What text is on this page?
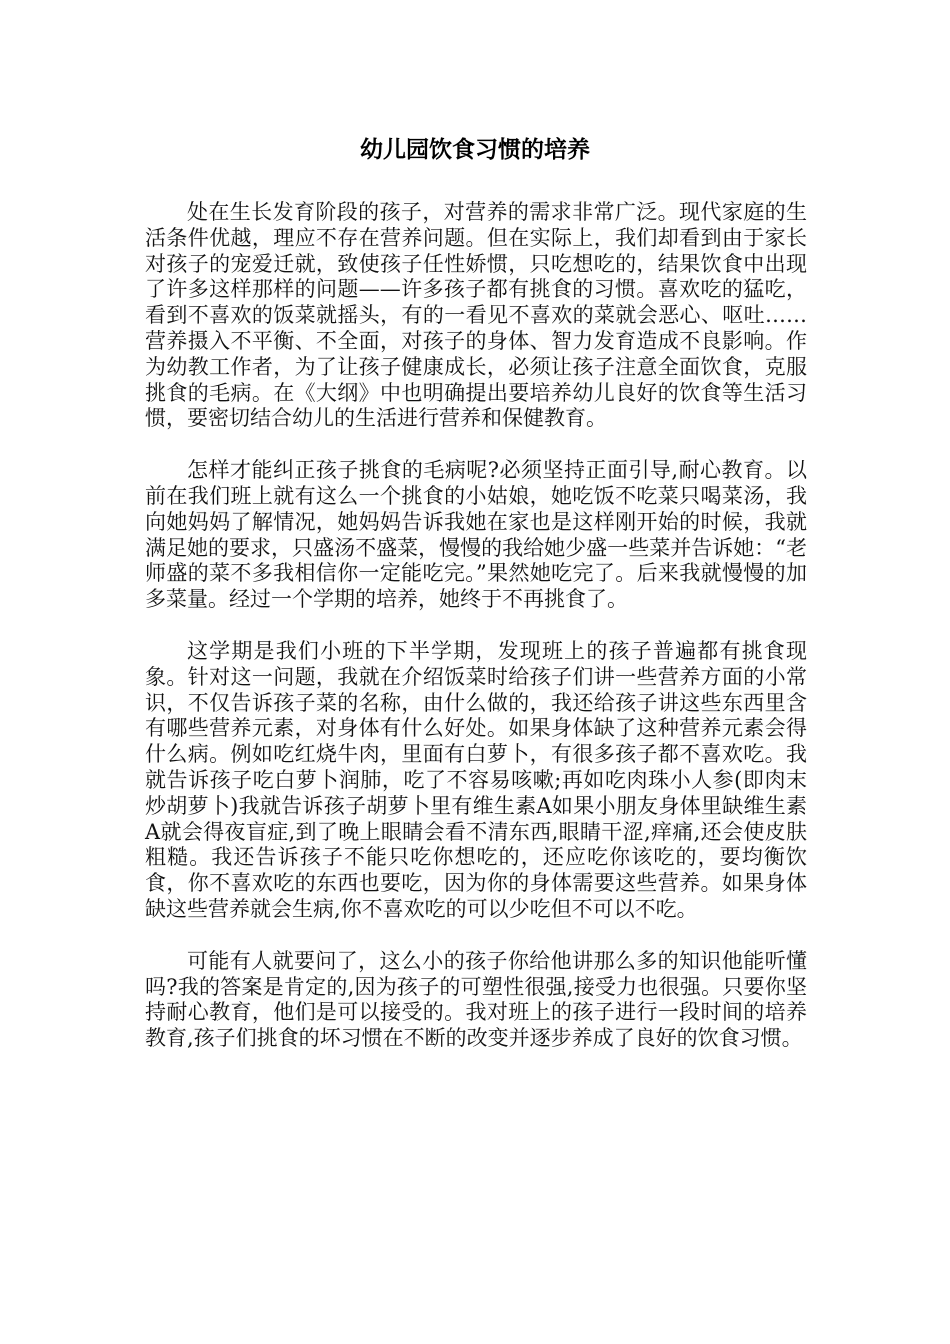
幼儿园饮食习惯的培养

处在生长发育阶段的孩子，对营养的需求非常广泛。现代家庭的生活条件优越，理应不存在营养问题。但在实际上，我们却看到由于家长对孩子的宠爱迁就，致使孩子任性娇惯，只吃想吃的，结果饮食中出现了许多这样那样的问题——许多孩子都有挑食的习惯。喜欢吃的猛吃，看到不喜欢的饭菜就摇头，有的一看见不喜欢的菜就会恶心、呕吐……营养摄入不平衡、不全面，对孩子的身体、智力发育造成不良影响。作为幼教工作者，为了让孩子健康成长，必须让孩子注意全面饮食，克服挑食的毛病。在《大纲》中也明确提出要培养幼儿良好的饮食等生活习惯，要密切结合幼儿的生活进行营养和保健教育。

怎样才能纠正孩子挑食的毛病呢?必须坚持正面引导,耐心教育。以前在我们班上就有这么一个挑食的小姑娘，她吃饭不吃菜只喝菜汤，我向她妈妈了解情况，她妈妈告诉我她在家也是这样刚开始的时候，我就满足她的要求，只盛汤不盛菜，慢慢的我给她少盛一些菜并告诉她：“老师盛的菜不多我相信你一定能吃完。”果然她吃完了。后来我就慢慢的加多菜量。经过一个学期的培养，她终于不再挑食了。

这学期是我们小班的下半学期，发现班上的孩子普遍都有挑食现象。针对这一问题，我就在介绍饭菜时给孩子们讲一些营养方面的小常识，不仅告诉孩子菜的名称，由什么做的，我还给孩子讲这些东西里含有哪些营养元素，对身体有什么好处。如果身体缺了这种营养元素会得什么病。例如吃红烧牛肉，里面有白萝卜，有很多孩子都不喜欢吃。我就告诉孩子吃白萝卜润肺，吃了不容易咳嗽;再如吃肉珠小人参(即肉末炒胡萝卜)我就告诉孩子胡萝卜里有维生素A如果小朋友身体里缺维生素A就会得夜盲症,到了晚上眼睛会看不清东西,眼睛干涩,痒痛,还会使皮肤粗糙。我还告诉孩子不能只吃你想吃的，还应吃你该吃的，要均衡饮食，你不喜欢吃的东西也要吃，因为你的身体需要这些营养。如果身体缺这些营养就会生病,你不喜欢吃的可以少吃但不可以不吃。

可能有人就要问了，这么小的孩子你给他讲那么多的知识他能听懂吗?我的答案是肯定的,因为孩子的可塑性很强,接受力也很强。只要你坚持耐心教育，他们是可以接受的。我对班上的孩子进行一段时间的培养教育,孩子们挑食的坏习惯在不断的改变并逐步养成了良好的饮食习惯。
